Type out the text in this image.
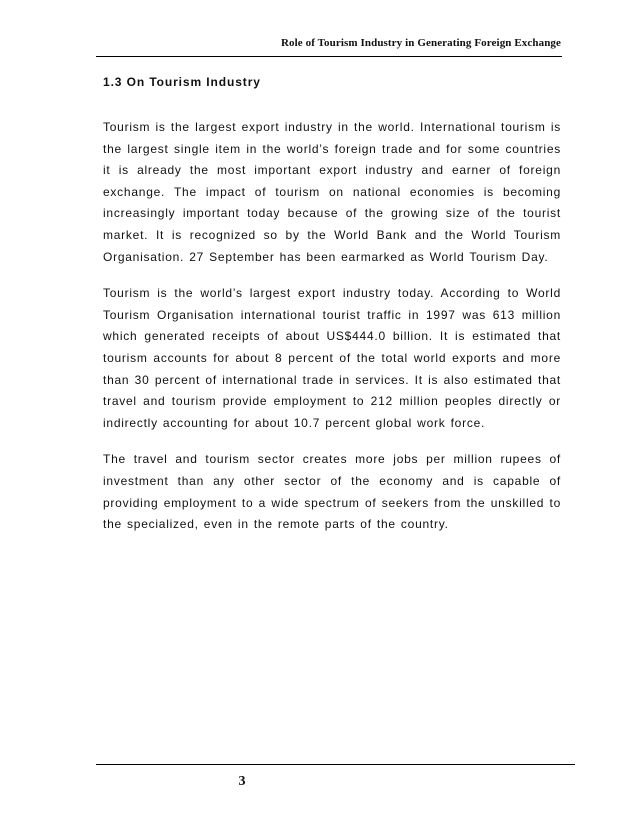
Role of Tourism Industry in Generating Foreign Exchange
1.3 On Tourism Industry

Tourism is the largest export industry in the world. International tourism is the largest single item in the world’s foreign trade and for some countries it is already the most important export industry and earner of foreign exchange. The impact of tourism on national economies is becoming increasingly important today because of the growing size of the tourist market. It is recognized so by the World Bank and the World Tourism Organisation. 27 September has been earmarked as World Tourism Day.

Tourism is the world’s largest export industry today. According to World Tourism Organisation international tourist traffic in 1997 was 613 million which generated receipts of about US$444.0 billion. It is estimated that tourism accounts for about 8 percent of the total world exports and more than 30 percent of international trade in services. It is also estimated that travel and tourism provide employment to 212 million peoples directly or indirectly accounting for about 10.7 percent global work force.

The travel and tourism sector creates more jobs per million rupees of investment than any other sector of the economy and is capable of providing employment to a wide spectrum of seekers from the unskilled to the specialized, even in the remote parts of the country.

3
